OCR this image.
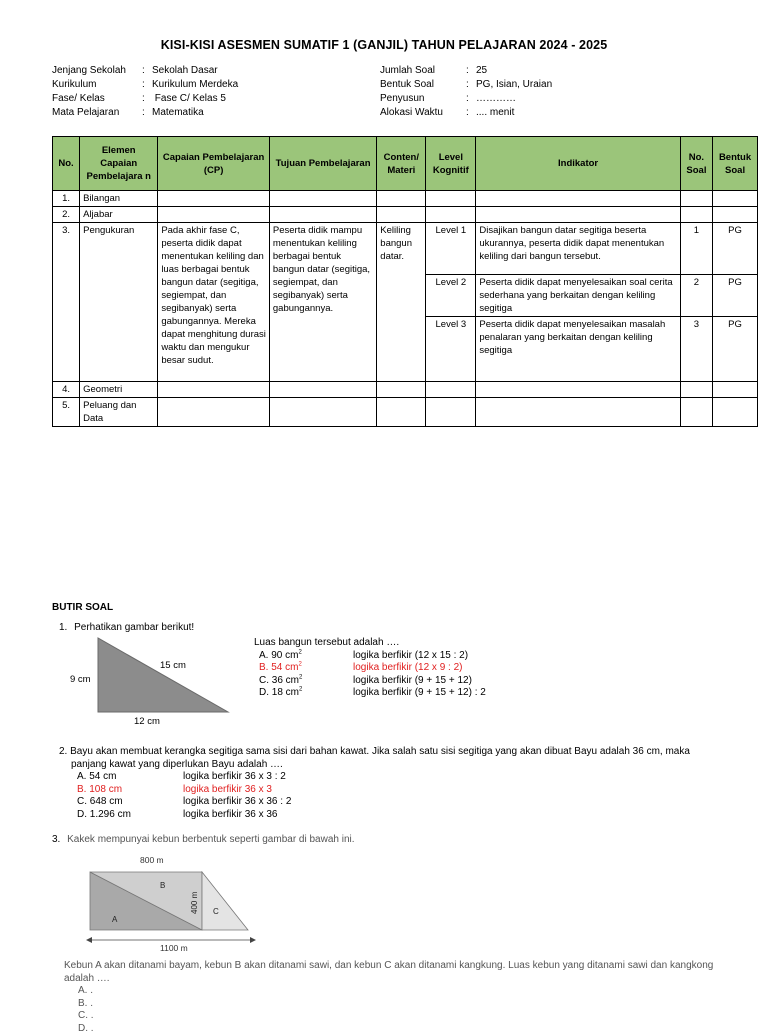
KISI-KISI ASESMEN SUMATIF 1 (GANJIL) TAHUN PELAJARAN 2024 - 2025
Jenjang Sekolah	: Sekolah Dasar
Kurikulum	: Kurikulum Merdeka
Fase/ Kelas	: Fase C/ Kelas 5
Mata Pelajaran	: Matematika
Jumlah Soal	: 25
Bentuk Soal	: PG, Isian, Uraian
Penyusun	: …………
Alokasi Waktu	: .... menit
No.	Elemen Capaian Pembelajara n	Capaian Pembelajaran (CP)	Tujuan Pembelajaran	Conten/ Materi	Level Kognitif	Indikator	No. Soal	Bentuk Soal
1.	Bilangan							
2.	Aljabar							
3.	Pengukuran	Pada akhir fase C, peserta didik dapat menentukan keliling dan luas berbagai bentuk bangun datar (segitiga, segiempat, dan segibanyak) serta gabungannya. Mereka dapat menghitung durasi waktu dan mengukur besar sudut.	Peserta didik mampu menentukan keliling berbagai bentuk bangun datar (segitiga, segiempat, dan segibanyak) serta gabungannya.	Keliling bangun datar.	Level 1	Disajikan bangun datar segitiga beserta ukurannya, peserta didik dapat menentukan keliling dari bangun tersebut.	1	PG
					Level 2	Peserta didik dapat menyelesaikan soal cerita sederhana yang berkaitan dengan keliling segitiga	2	PG
					Level 3	Peserta didik dapat menyelesaikan masalah penalaran yang berkaitan dengan keliling segitiga	3	PG
4.	Geometri							
5.	Peluang dan Data							
BUTIR SOAL
1. Perhatikan gambar berikut!
9 cm
15 cm
12 cm
Luas bangun tersebut adalah ….
A. 90 $cm^2$	logika berfikir (12 x 15 : 2)
B. 54 $cm^2$	logika berfikir (12 x 9 : 2)
C. 36 $cm^2$	logika berfikir (9 + 15 + 12)
D. 18 $cm^2$	logika berfikir (9 + 15 + 12) : 2
2. Bayu akan membuat kerangka segitiga sama sisi dari bahan kawat. Jika salah satu sisi segitiga yang akan dibuat Bayu adalah 36 cm, maka
panjang kawat yang diperlukan Bayu adalah ….
A. 54 cm	logika berfikir 36 x 3 : 2
B. 108 cm	logika berfikir 36 x 3
C. 648 cm	logika berfikir 36 x 36 : 2
D. 1.296 cm	logika berfikir 36 x 36
3. Kakek mempunyai kebun berbentuk seperti gambar di bawah ini.
800 m
A
B
C
400 m
1100 m
Kebun A akan ditanami bayam, kebun B akan ditanami sawi, dan kebun C akan ditanami kangkung. Luas kebun yang ditanami sawi dan kangkong
adalah ….
A. .
B. .
C. .
D. .
